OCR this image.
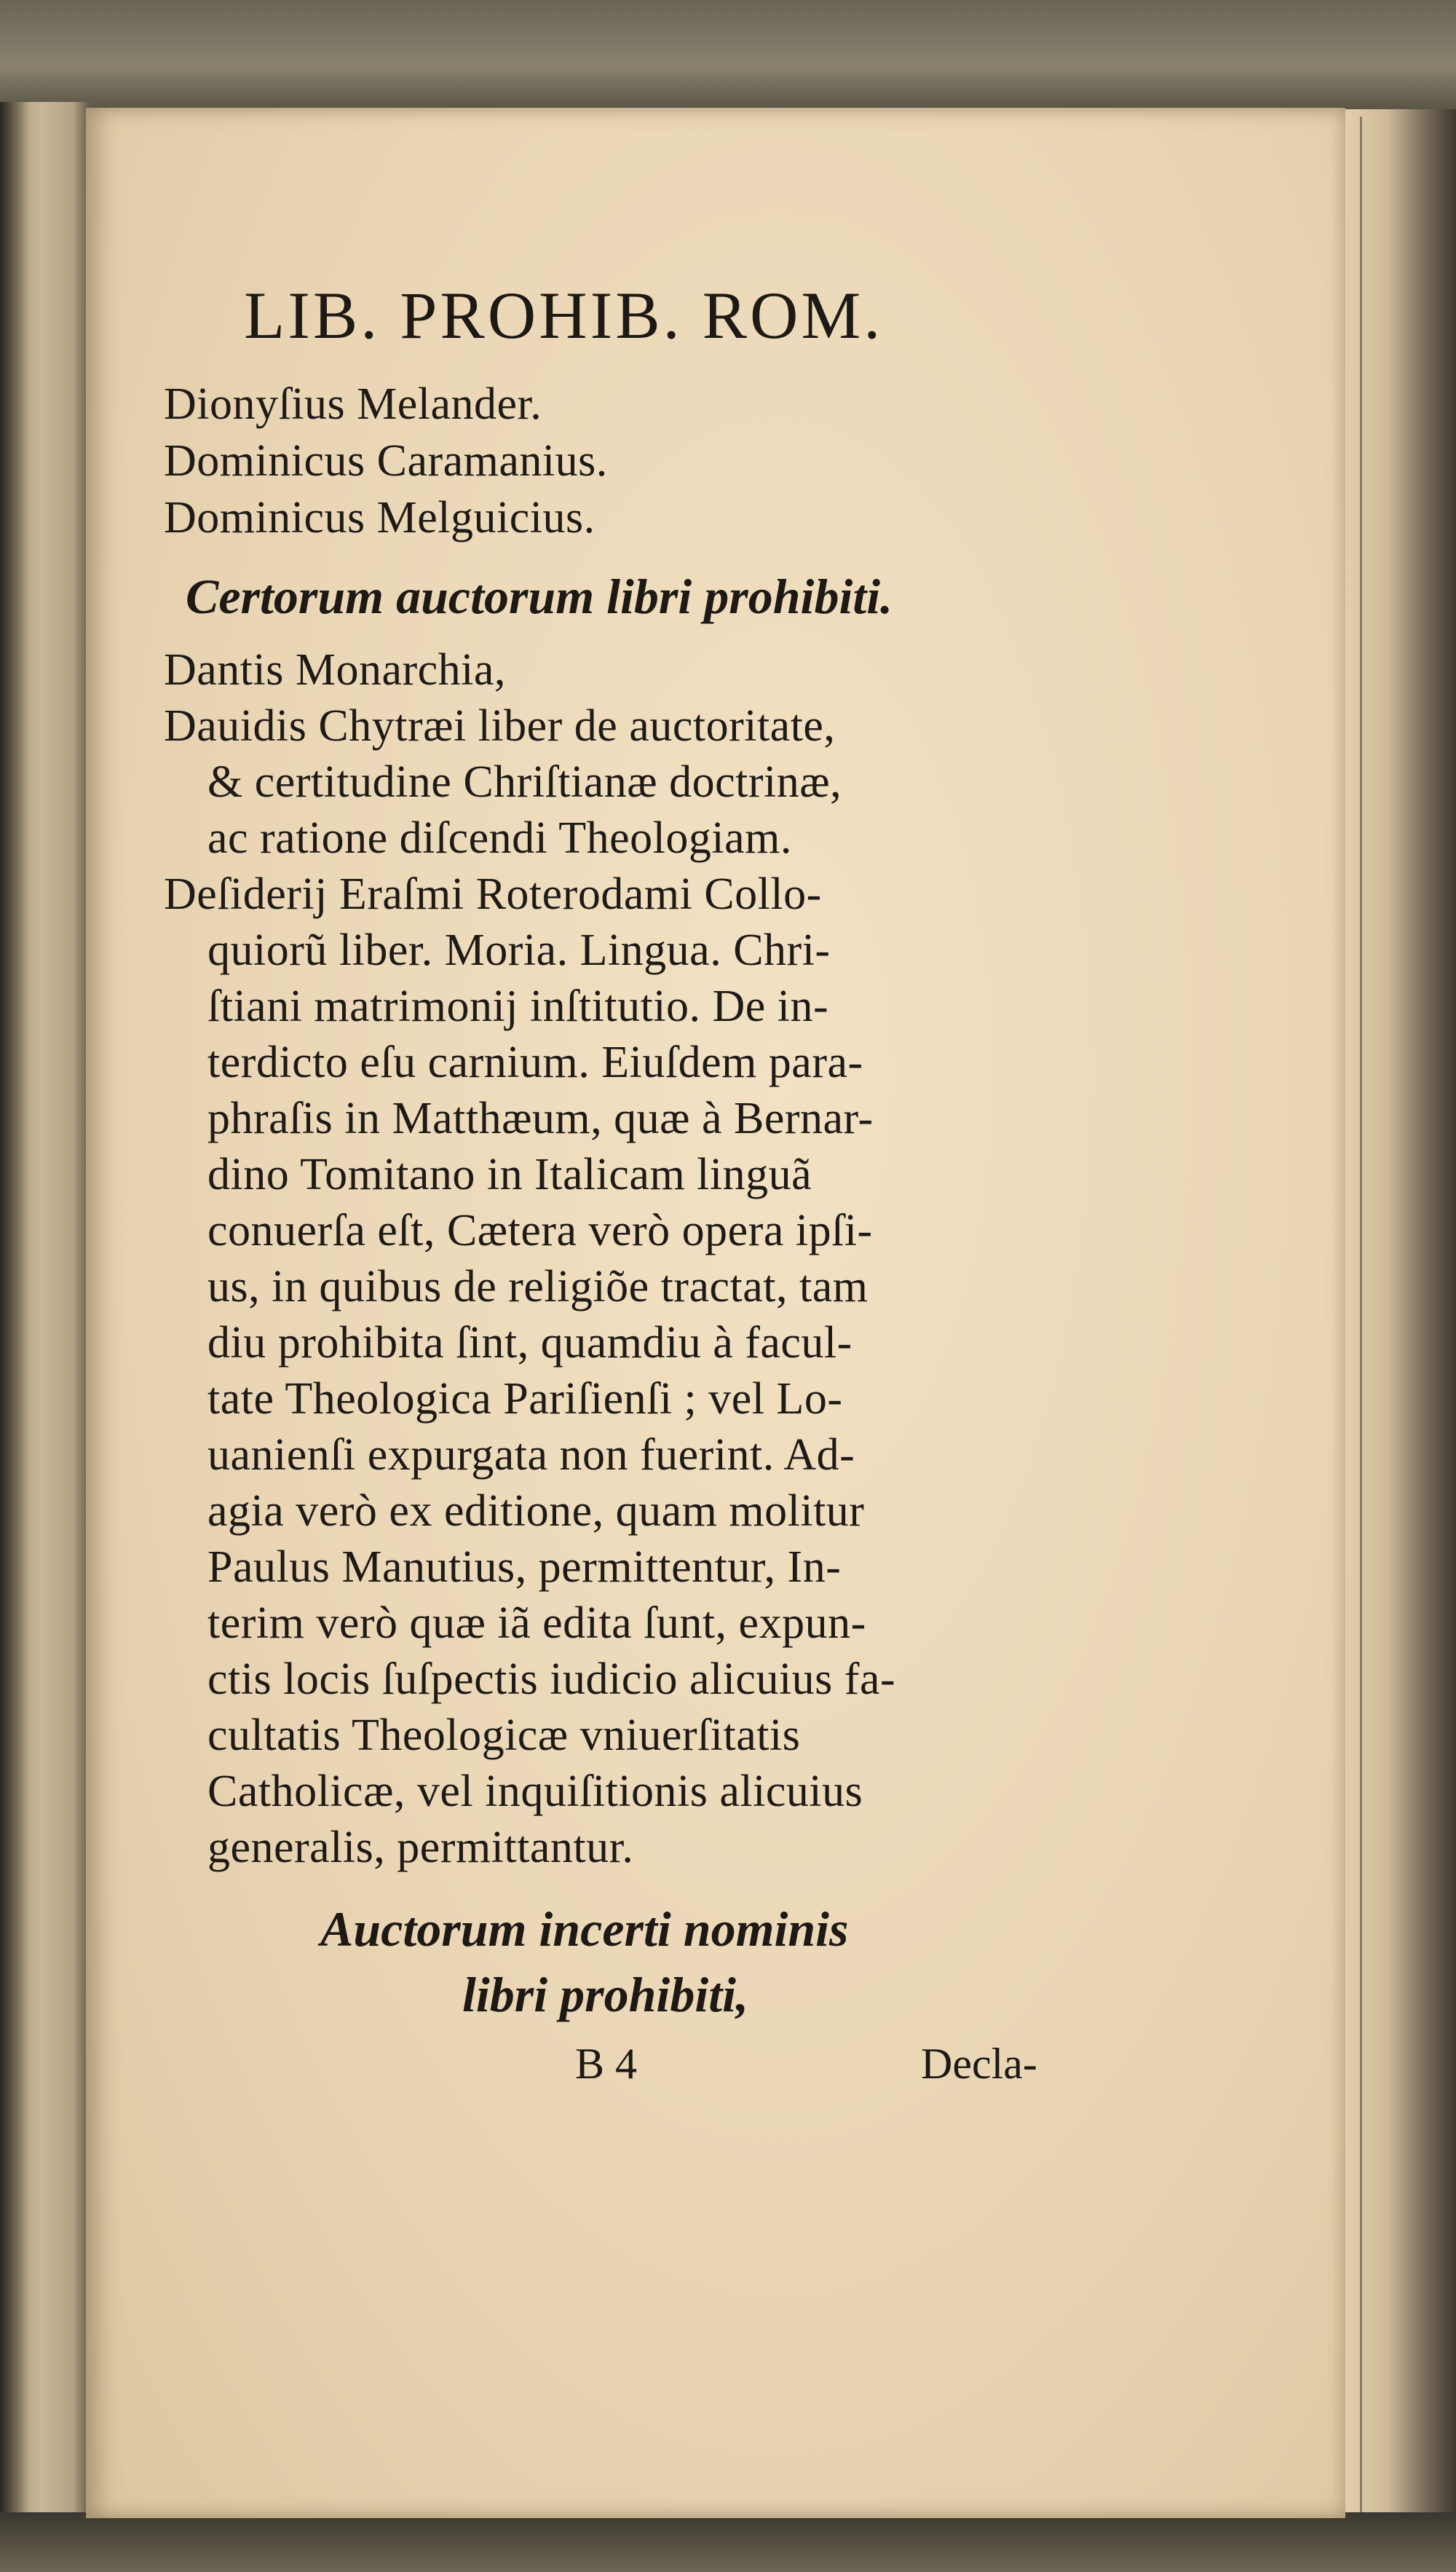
LIB. PROHIB. ROM.
Dionyſius Melander.
Dominicus Caramanius.
Dominicus Melguicius.
Certorum auctorum libri prohibiti.
Dantis Monarchia,
Dauidis Chytræi liber de auctoritate,
& certitudine Chriſtianæ doctrinæ,
ac ratione diſcendi Theologiam.
Deſiderij Eraſmi Roterodami Collo-
quiorũ liber. Moria. Lingua. Chri-
ſtiani matrimonij inſtitutio. De in-
terdicto eſu carnium. Eiuſdem para-
phraſis in Matthæum, quæ à Bernar-
dino Tomitano in Italicam linguã
conuerſa eſt, Cætera verò opera ipſi-
us, in quibus de religiõe tractat, tam
diu prohibita ſint, quamdiu à facul-
tate Theologica Pariſienſi ; vel Lo-
uanienſi expurgata non fuerint. Ad-
agia verò ex editione, quam molitur
Paulus Manutius, permittentur, In-
terim verò quæ iã edita ſunt, expun-
ctis locis ſuſpectis iudicio alicuius fa-
cultatis Theologicæ vniuerſitatis
Catholicæ, vel inquiſitionis alicuius
generalis, permittantur.
Auctorum incerti nominis
libri prohibiti,
B 4	Decla-
